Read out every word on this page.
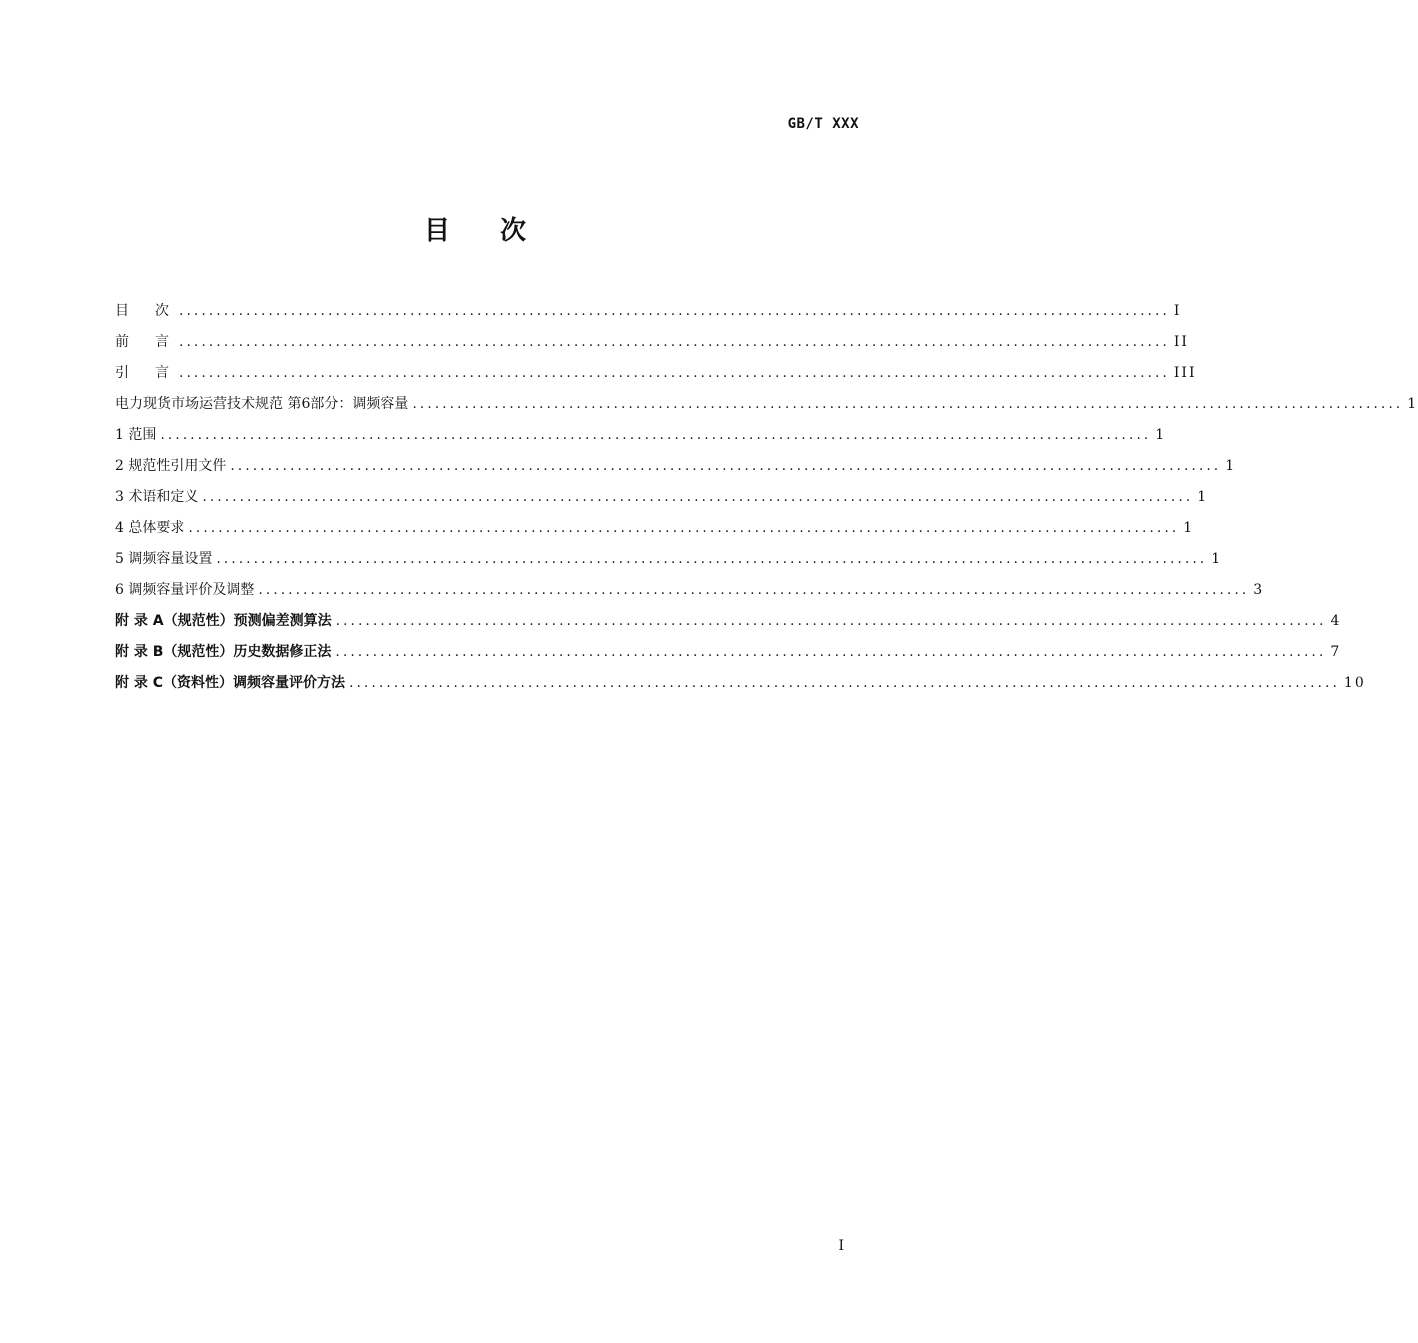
GB/T XXX
目 次
目　次 ..................................................................................................................................... I
前　言 ..................................................................................................................................... II
引　言 ..................................................................................................................................... III
电力现货市场运营技术规范 第6部分：调频容量 ..................................................................................................................................... 1
1 范围 ..................................................................................................................................... 1
2 规范性引用文件 ..................................................................................................................................... 1
3 术语和定义 ..................................................................................................................................... 1
4 总体要求 ..................................................................................................................................... 1
5 调频容量设置 ..................................................................................................................................... 1
6 调频容量评价及调整 ..................................................................................................................................... 3
附 录 A（规范性）预测偏差测算法 ..................................................................................................................................... 4
附 录 B（规范性）历史数据修正法 ..................................................................................................................................... 7
附 录 C（资料性）调频容量评价方法 ..................................................................................................................................... 10
I
